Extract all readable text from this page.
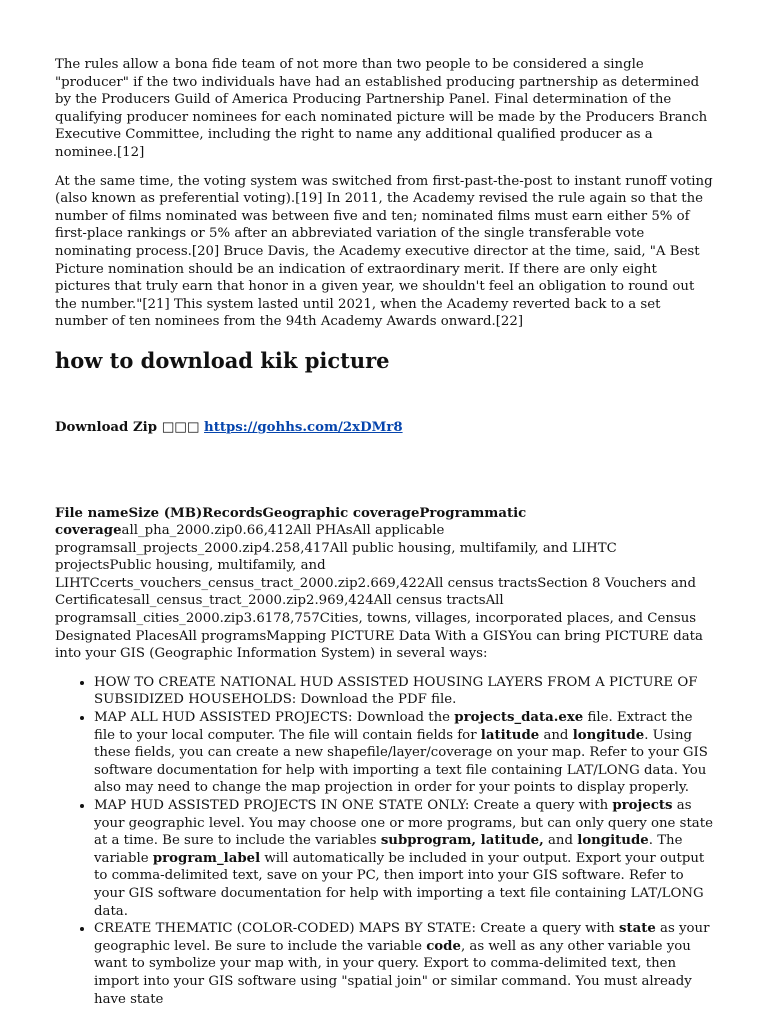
The rules allow a bona fide team of not more than two people to be considered a single "producer" if the two individuals have had an established producing partnership as determined by the Producers Guild of America Producing Partnership Panel. Final determination of the qualifying producer nominees for each nominated picture will be made by the Producers Branch Executive Committee, including the right to name any additional qualified producer as a nominee.[12]

At the same time, the voting system was switched from first-past-the-post to instant runoff voting (also known as preferential voting).[19] In 2011, the Academy revised the rule again so that the number of films nominated was between five and ten; nominated films must earn either 5% of first-place rankings or 5% after an abbreviated variation of the single transferable vote nominating process.[20] Bruce Davis, the Academy executive director at the time, said, "A Best Picture nomination should be an indication of extraordinary merit. If there are only eight pictures that truly earn that honor in a given year, we shouldn't feel an obligation to round out the number."[21] This system lasted until 2021, when the Academy reverted back to a set number of ten nominees from the 94th Academy Awards onward.[22]

how to download kik picture
Download Zip □□□ https://gohhs.com/2xDMr8

File nameSize (MB)RecordsGeographic coverageProgrammatic coverageall_pha_2000.zip0.66,412All PHAsAll applicable programsall_projects_2000.zip4.258,417All public housing, multifamily, and LIHTC projectsPublic housing, multifamily, and LIHTCcerts_vouchers_census_tract_2000.zip2.669,422All census tractsSection 8 Vouchers and Certificatesall_census_tract_2000.zip2.969,424All census tractsAll programsall_cities_2000.zip3.6178,757Cities, towns, villages, incorporated places, and Census Designated PlacesAll programsMapping PICTURE Data With a GISYou can bring PICTURE data into your GIS (Geographic Information System) in several ways:

• HOW TO CREATE NATIONAL HUD ASSISTED HOUSING LAYERS FROM A PICTURE OF SUBSIDIZED HOUSEHOLDS: Download the PDF file.
• MAP ALL HUD ASSISTED PROJECTS: Download the projects_data.exe file. Extract the file to your local computer. The file will contain fields for latitude and longitude. Using these fields, you can create a new shapefile/layer/coverage on your map. Refer to your GIS software documentation for help with importing a text file containing LAT/LONG data. You also may need to change the map projection in order for your points to display properly.
• MAP HUD ASSISTED PROJECTS IN ONE STATE ONLY: Create a query with projects as your geographic level. You may choose one or more programs, but can only query one state at a time. Be sure to include the variables subprogram, latitude, and longitude. The variable program_label will automatically be included in your output. Export your output to comma-delimited text, save on your PC, then import into your GIS software. Refer to your GIS software documentation for help with importing a text file containing LAT/LONG data.
• CREATE THEMATIC (COLOR-CODED) MAPS BY STATE: Create a query with state as your geographic level. Be sure to include the variable code, as well as any other variable you want to symbolize your map with, in your query. Export to comma-delimited text, then import into your GIS software using "spatial join" or similar command. You must already have state
